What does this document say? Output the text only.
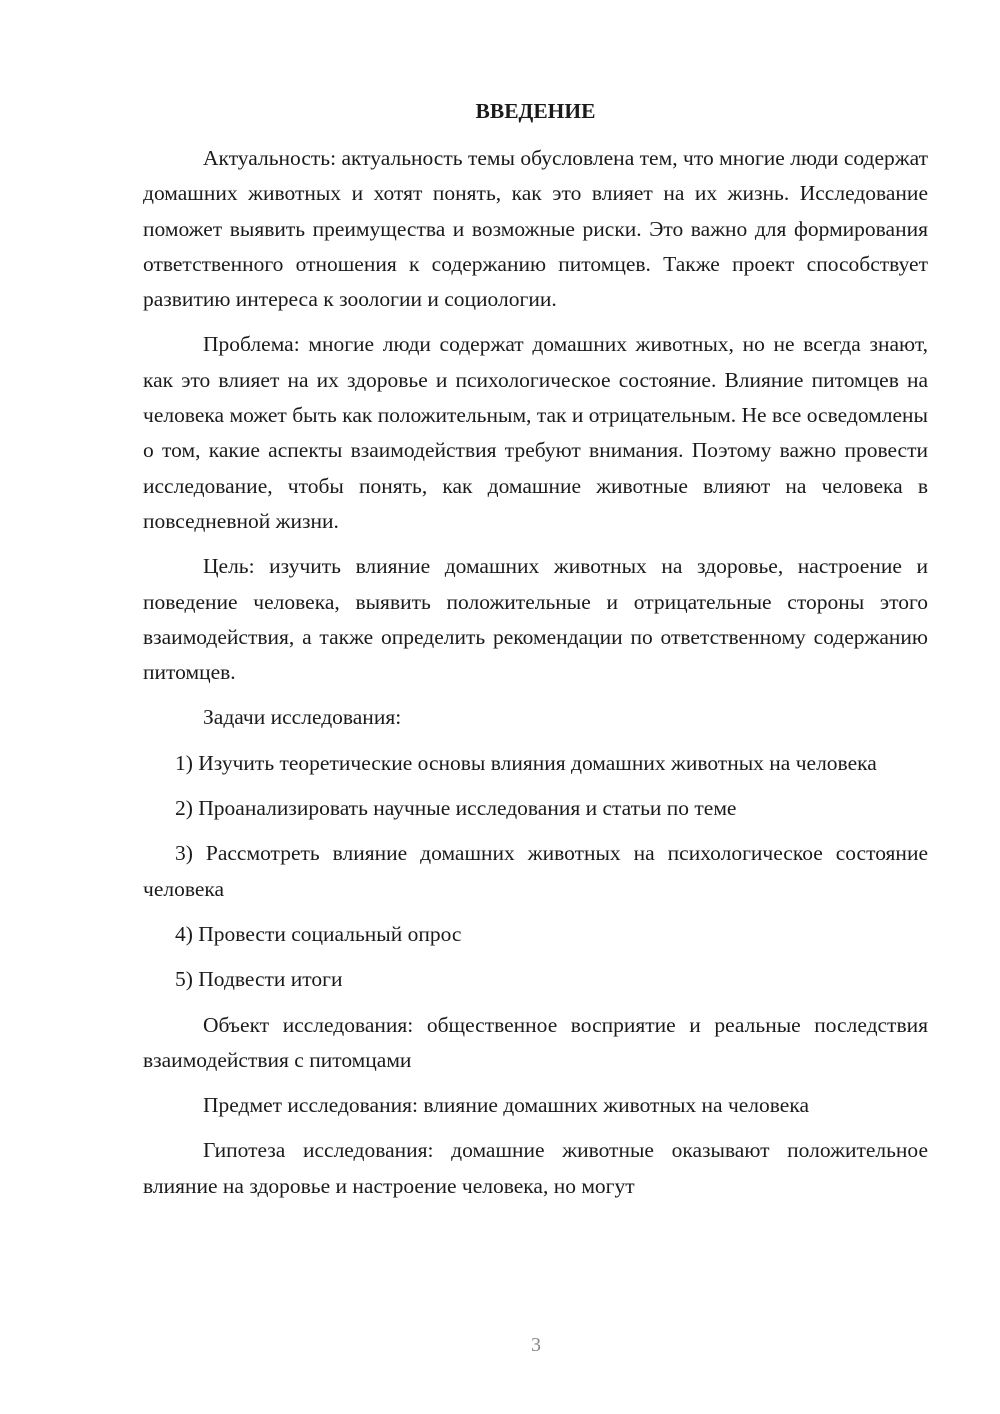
ВВЕДЕНИЕ

Актуальность: актуальность темы обусловлена тем, что многие люди содержат домашних животных и хотят понять, как это влияет на их жизнь. Исследование поможет выявить преимущества и возможные риски. Это важно для формирования ответственного отношения к содержанию питомцев. Также проект способствует развитию интереса к зоологии и социологии.

Проблема: многие люди содержат домашних животных, но не всегда знают, как это влияет на их здоровье и психологическое состояние. Влияние питомцев на человека может быть как положительным, так и отрицательным. Не все осведомлены о том, какие аспекты взаимодействия требуют внимания. Поэтому важно провести исследование, чтобы понять, как домашние животные влияют на человека в повседневной жизни.

Цель: изучить влияние домашних животных на здоровье, настроение и поведение человека, выявить положительные и отрицательные стороны этого взаимодействия, а также определить рекомендации по ответственному содержанию питомцев.

Задачи исследования:

1) Изучить теоретические основы влияния домашних животных на человека

2) Проанализировать научные исследования и статьи по теме

3) Рассмотреть влияние домашних животных на психологическое состояние человека

4) Провести социальный опрос

5) Подвести итоги

Объект исследования: общественное восприятие и реальные последствия взаимодействия с питомцами

Предмет исследования: влияние домашних животных на человека

Гипотеза исследования: домашние животные оказывают положительное влияние на здоровье и настроение человека, но могут

3
